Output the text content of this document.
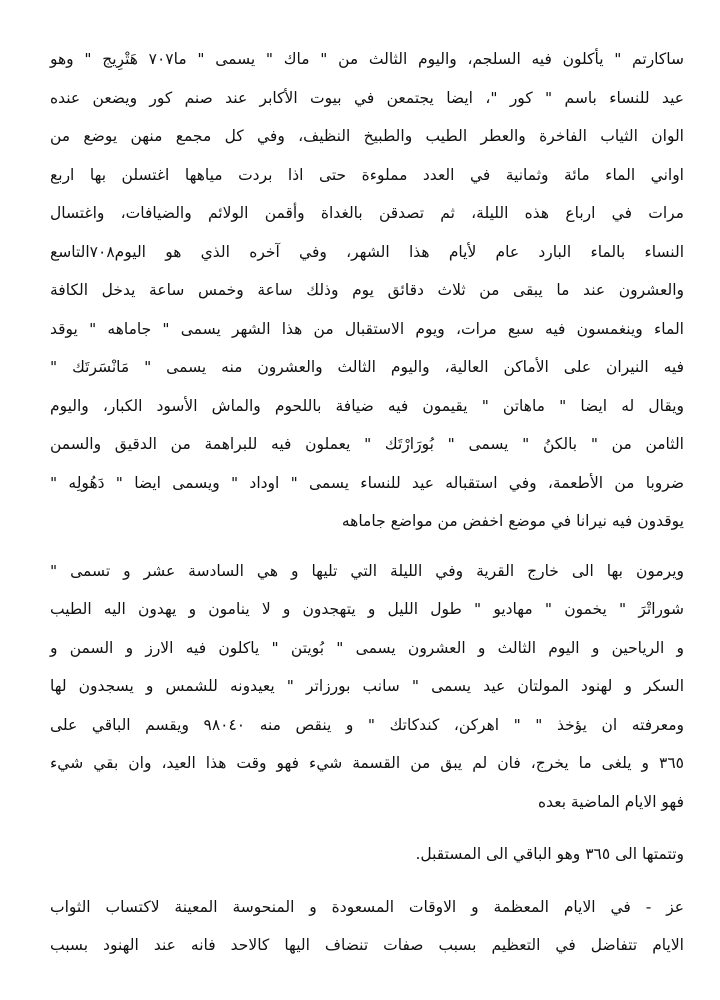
ساكارتم " يأكلون فيه السلجم، واليوم الثالث من " ماك " يسمى " ما٧٠٧ هَتْرِيج " وهو
عيد للنساء باسم " كور "، ايضا يجتمعن في بيوت الأكابر عند صنم كور ويضعن عنده
الوان الثياب الفاخرة والعطر الطيب والطبيخ النظيف، وفي كل مجمع منهن يوضع من
اواني الماء مائة وثمانية في العدد مملوءة حتى اذا بردت مياهها اغتسلن بها اربع
مرات في ارباع هذه الليلة، ثم تصدقن بالغداة وأقمن الولائم والضيافات، واغتسال
النساء بالماء البارد عام لأيام هذا الشهر، وفي آخره الذي هو اليوم٧٠٨التاسع
والعشرون عند ما يبقى من ثلاث دقائق يوم وذلك ساعة وخمس ساعة يدخل الكافة
الماء وينغمسون فيه سبع مرات، ويوم الاستقبال من هذا الشهر يسمى " جاماهه " يوقد
فيه النيران على الأماكن العالية، واليوم الثالث والعشرون منه يسمى " مَانْسَرتَك "
ويقال له ايضا " ماهاتن " يقيمون فيه ضيافة باللحوم والماش الأسود الكبار، واليوم
الثامن من " بالكنُ " يسمى " بُورَارْتَك " يعملون فيه للبراهمة من الدقيق والسمن
ضروبا من الأطعمة، وفي استقباله عيد للنساء يسمى " اوداد " ويسمى ايضا " دَهُولِه "
يوقدون فيه نيرانا في موضع اخفض من مواضع جاماهه
ويرمون بها الى خارج القرية وفي الليلة التي تليها و هي السادسة عشر و تسمى "
شوراتْرَ " يخمون " مهاديو " طول الليل و يتهجدون و لا ينامون و يهدون اليه الطيب
و الرياحين و اليوم الثالث و العشرون يسمى " بُويتن " ياكلون فيه الارز و السمن و
السكر و لهنود المولتان عيد يسمى " سانب بورزاتر " يعيدونه للشمس و يسجدون لها
ومعرفته ان يؤخذ " " اهركن، كندكاتك " و ينقص منه ٩٨٠٤٠ ويقسم الباقي على
٣٦٥ و يلغى ما يخرج، فان لم يبق من القسمة شيء فهو وقت هذا العيد، وان بقي شيء
فهو الايام الماضية بعده
وتتمتها الى ٣٦٥ وهو الباقي الى المستقبل.
عز - في الايام المعظمة و الاوقات المسعودة و المنحوسة المعينة لاكتساب الثواب
الايام تتفاضل في التعظيم بسبب صفات تنضاف اليها كالاحد فانه عند الهنود بسبب
